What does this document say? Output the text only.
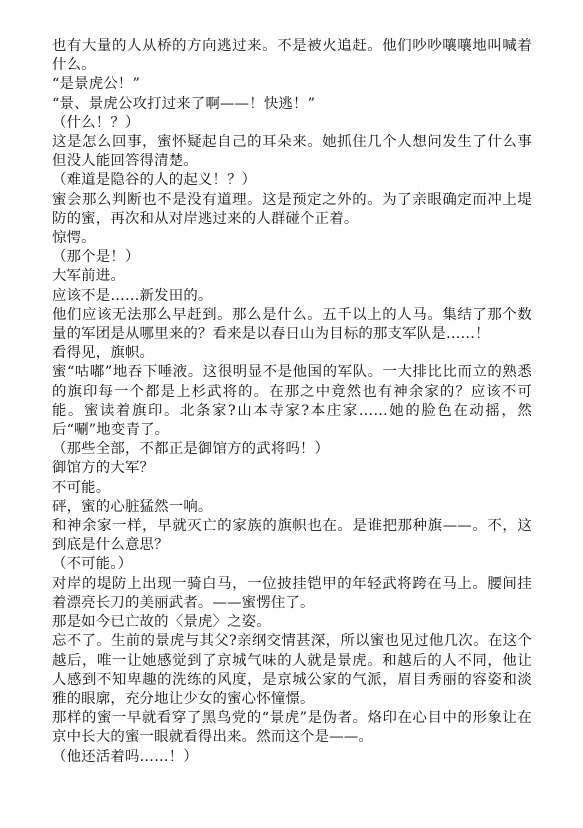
也有大量的人从桥的方向逃过来。不是被火追赶。他们吵吵嚷嚷地叫喊着什么。

“是景虎公！”

“景、景虎公攻打过来了啊——！快逃！”

（什么！？）

这是怎么回事，蜜怀疑起自己的耳朵来。她抓住几个人想问发生了什么事但没人能回答得清楚。

（难道是隐谷的人的起义！？）

蜜会那么判断也不是没有道理。这是预定之外的。为了亲眼确定而冲上堤防的蜜，再次和从对岸逃过来的人群碰个正着。

惊愕。

（那个是！）

大军前进。

应该不是……新发田的。

他们应该无法那么早赶到。那么是什么。五千以上的人马。集结了那个数量的军团是从哪里来的？看来是以春日山为目标的那支军队是……！

看得见，旗帜。

蜜“咕嘟”地吞下唾液。这很明显不是他国的军队。一大排比比而立的熟悉的旗印每一个都是上杉武将的。在那之中竟然也有神余家的？应该不可能。蜜读着旗印。北条家?山本寺家?本庄家……她的脸色在动摇，然后“唰”地变青了。

（那些全部，不都正是御馆方的武将吗！）

御馆方的大军？

不可能。

砰，蜜的心脏猛然一响。

和神余家一样，早就灭亡的家族的旗帜也在。是谁把那种旗——。不，这到底是什么意思？

（不可能。）

对岸的堤防上出现一骑白马，一位披挂铠甲的年轻武将跨在马上。腰间挂着漂亮长刀的美丽武者。——蜜愣住了。

那是如今已亡故的〈景虎〉之姿。

忘不了。生前的景虎与其父?亲纲交情甚深，所以蜜也见过他几次。在这个越后，唯一让她感觉到了京城气味的人就是景虎。和越后的人不同，他让人感到不知卑趣的洗练的风度，是京城公家的气派，眉目秀丽的容姿和淡雅的眼廓，充分地让少女的蜜心怀憧憬。

那样的蜜一早就看穿了黑鸟党的“景虎”是伪者。烙印在心目中的形象让在京中长大的蜜一眼就看得出来。然而这个是——。

（他还活着吗……！）
